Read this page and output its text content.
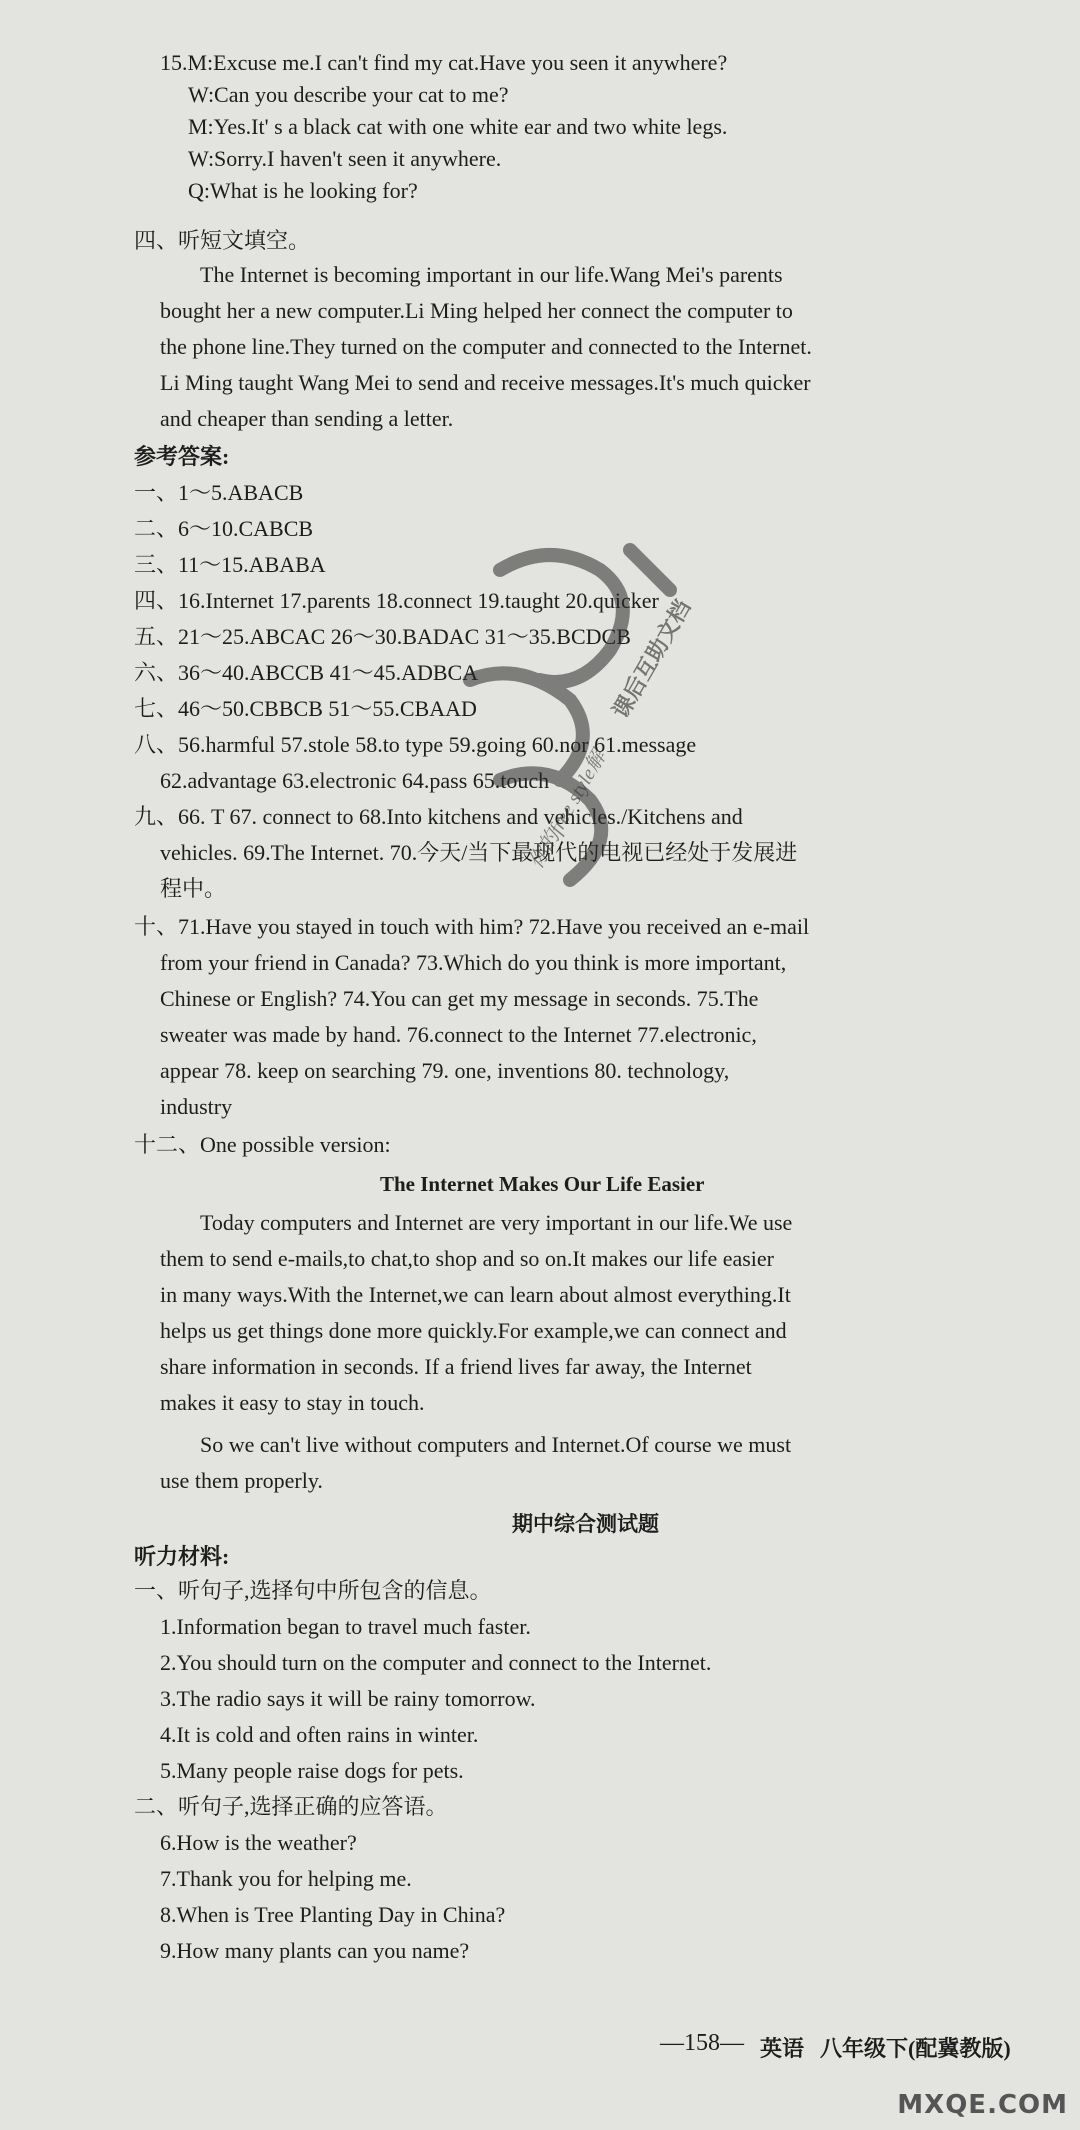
15.M:Excuse me.I can't find my cat.Have you seen it anywhere?
W:Can you describe your cat to me?
M:Yes.It' s a black cat with one white ear and two white legs.
W:Sorry.I haven't seen it anywhere.
Q:What is he looking for?
四、听短文填空。
The Internet is becoming important in our life.Wang Mei's parents
bought her a new computer.Li Ming helped her connect the computer to
the phone line.They turned on the computer and connected to the Internet.
Li Ming taught Wang Mei to send and receive messages.It's much quicker
and cheaper than sending a letter.
参考答案:
一、1～5.ABACB
二、6～10.CABCB
三、11～15.ABABA
四、16.Internet 17.parents 18.connect 19.taught 20.quicker
五、21～25.ABCAC 26～30.BADAC 31～35.BCDCB
六、36～40.ABCCB 41～45.ADBCA
七、46～50.CBBCB 51～55.CBAAD
八、56.harmful 57.stole 58.to type 59.going 60.nor 61.message
62.advantage 63.electronic 64.pass 65.touch
九、66. T 67. connect to 68.Into kitchens and vehicles./Kitchens and
vehicles. 69.The Internet. 70.今天/当下最现代的电视已经处于发展进
程中。
十、71.Have you stayed in touch with him? 72.Have you received an e-mail
from your friend in Canada? 73.Which do you think is more important,
Chinese or English? 74.You can get my message in seconds. 75.The
sweater was made by hand. 76.connect to the Internet 77.electronic,
appear 78. keep on searching 79. one, inventions 80. technology,
industry
十二、One possible version:
The Internet Makes Our Life Easier
Today computers and Internet are very important in our life.We use
them to send e-mails,to chat,to shop and so on.It makes our life easier
in many ways.With the Internet,we can learn about almost everything.It
helps us get things done more quickly.For example,we can connect and
share information in seconds. If a friend lives far away, the Internet
makes it easy to stay in touch.
So we can't live without computers and Internet.Of course we must
use them properly.
期中综合测试题
听力材料:
一、听句子,选择句中所包含的信息。
1.Information began to travel much faster.
2.You should turn on the computer and connect to the Internet.
3.The radio says it will be rainy tomorrow.
4.It is cold and often rains in winter.
5.Many people raise dogs for pets.
二、听句子,选择正确的应答语。
6.How is the weather?
7.Thank you for helping me.
8.When is Tree Planting Day in China?
9.How many plants can you name?
—158— 英语 八年级下(配冀教版)
课后互助文档
你的free style解
MXQE.COM
